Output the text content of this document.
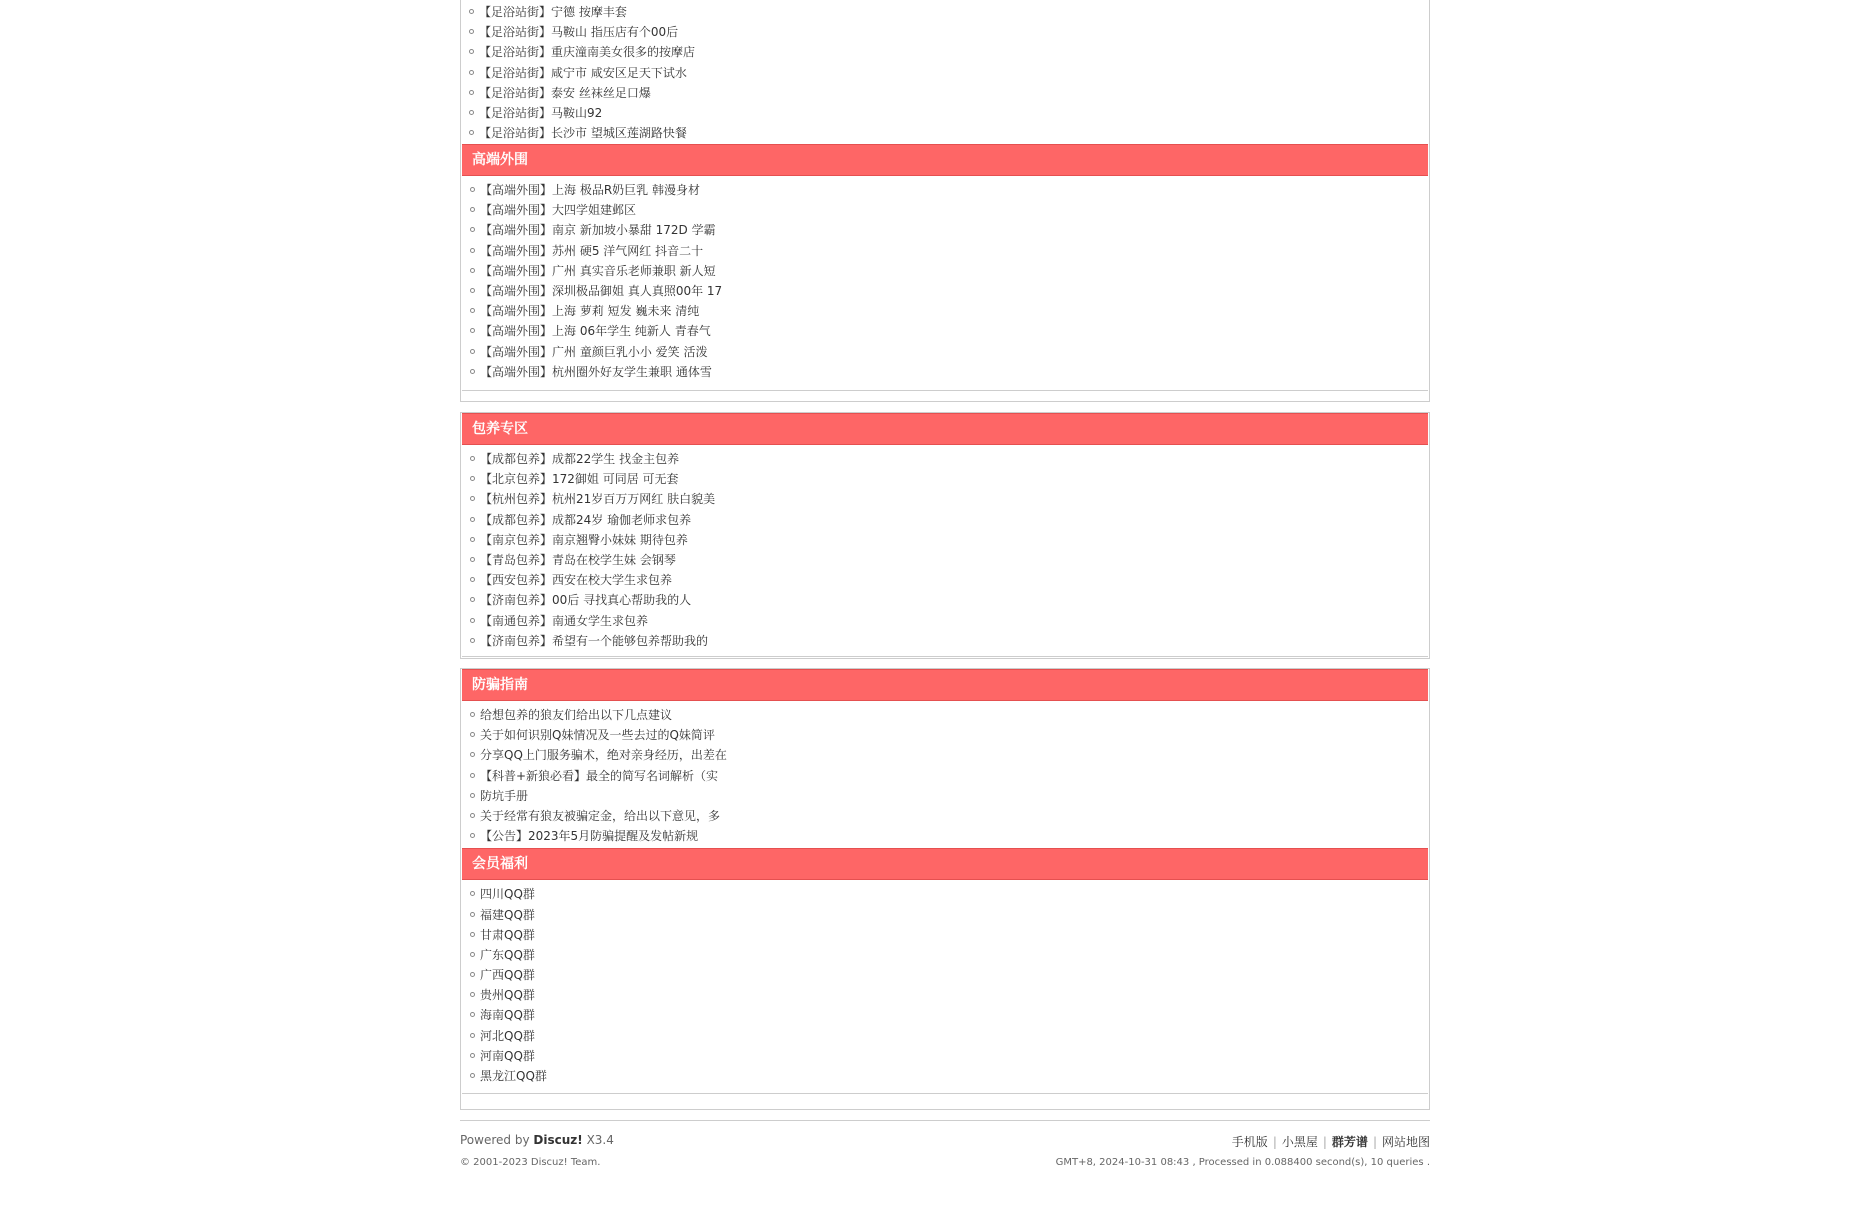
【足浴站街】宁德 按摩丰套
【足浴站街】马鞍山 指压店有个00后
【足浴站街】重庆潼南美女很多的按摩店
【足浴站街】咸宁市 咸安区足天下试水
【足浴站街】泰安 丝袜丝足口爆
【足浴站街】马鞍山92
【足浴站街】长沙市 望城区莲湖路快餐
高端外围
【高端外围】上海 极品R奶巨乳 韩漫身材
【高端外围】大四学姐建邺区
【高端外围】南京 新加坡小暴甜 172D 学霸
【高端外围】苏州 硬5 洋气网红 抖音二十
【高端外围】广州 真实音乐老师兼职 新人短
【高端外围】深圳极品御姐 真人真照00年 17
【高端外围】上海 萝莉 短发 巍未来 清纯
【高端外围】上海 06年学生 纯新人 青春气
【高端外围】广州 童颜巨乳小小 爱笑 活泼
【高端外围】杭州圈外好友学生兼职 通体雪
包养专区
【成都包养】成都22学生 找金主包养
【北京包养】172御姐 可同居 可无套
【杭州包养】杭州21岁百万万网红 肤白貌美
【成都包养】成都24岁 瑜伽老师求包养
【南京包养】南京翘臀小妹妹 期待包养
【青岛包养】青岛在校学生妹 会钢琴
【西安包养】西安在校大学生求包养
【济南包养】00后 寻找真心帮助我的人
【南通包养】南通女学生求包养
【济南包养】希望有一个能够包养帮助我的
防骗指南
给想包养的狼友们给出以下几点建议
关于如何识别Q妹情况及一些去过的Q妹简评
分享QQ上门服务骗术，绝对亲身经历，出差在
【科普+新狼必看】最全的简写名词解析（实
防坑手册
关于经常有狼友被骗定金，给出以下意见，多
【公告】2023年5月防骗提醒及发帖新规
会员福利
四川QQ群
福建QQ群
甘肃QQ群
广东QQ群
广西QQ群
贵州QQ群
海南QQ群
河北QQ群
河南QQ群
黑龙江QQ群
Powered by Discuz! X3.4
© 2001-2023 Discuz! Team.
手机版 | 小黑屋 | 群芳谱 | 网站地图
GMT+8, 2024-10-31 08:43 , Processed in 0.088400 second(s), 10 queries .
